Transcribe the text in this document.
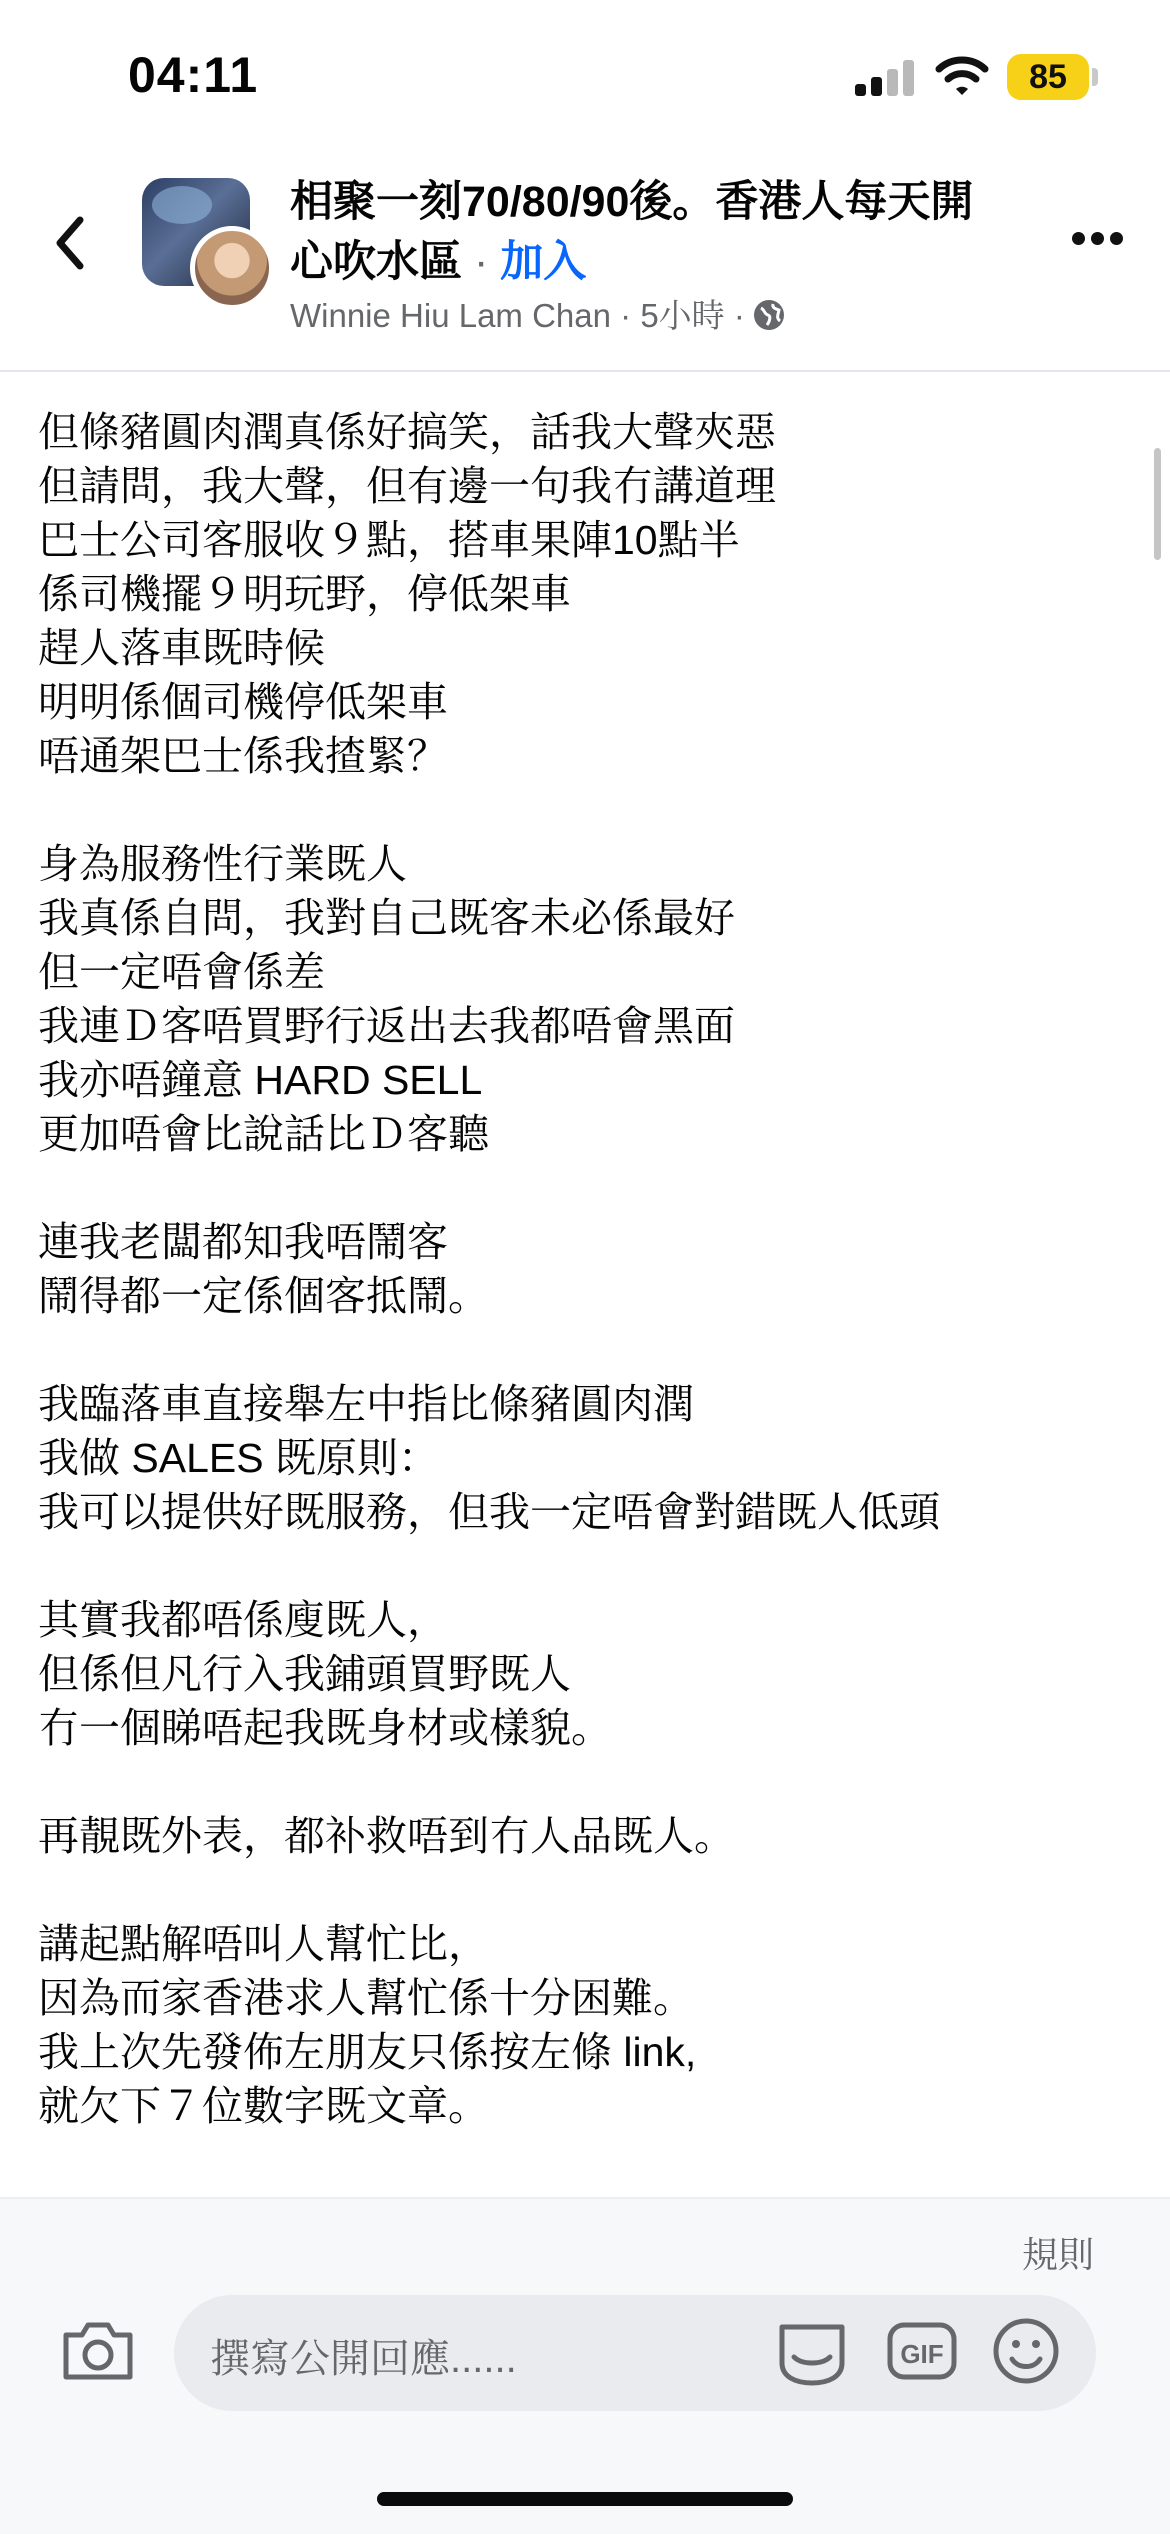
04:11	85
相聚一刻70/80/90後。香港人每天開心吹水區 · 加入
Winnie Hiu Lam Chan · 5小時 ·
但條豬圓肉潤真係好搞笑，話我大聲夾惡
但請問，我大聲，但有邊一句我冇講道理
巴士公司客服收９點，搭車果陣10點半
係司機擺９明玩野，停低架車
趕人落車既時候
明明係個司機停低架車
唔通架巴士係我揸緊？
身為服務性行業既人
我真係自問，我對自己既客未必係最好
但一定唔會係差
我連Ｄ客唔買野行返出去我都唔會黑面
我亦唔鐘意 HARD SELL
更加唔會比說話比Ｄ客聽
連我老闆都知我唔鬧客
鬧得都一定係個客抵鬧。
我臨落車直接舉左中指比條豬圓肉潤
我做 SALES 既原則：
我可以提供好既服務，但我一定唔會對錯既人低頭
其實我都唔係廋既人，
但係但凡行入我鋪頭買野既人
冇一個睇唔起我既身材或樣貌。
再靚既外表，都补救唔到冇人品既人。
講起點解唔叫人幫忙比，
因為而家香港求人幫忙係十分困難。
我上次先發佈左朋友只係按左條 link,
就欠下７位數字既文章。
規則
撰寫公開回應......	GIF
